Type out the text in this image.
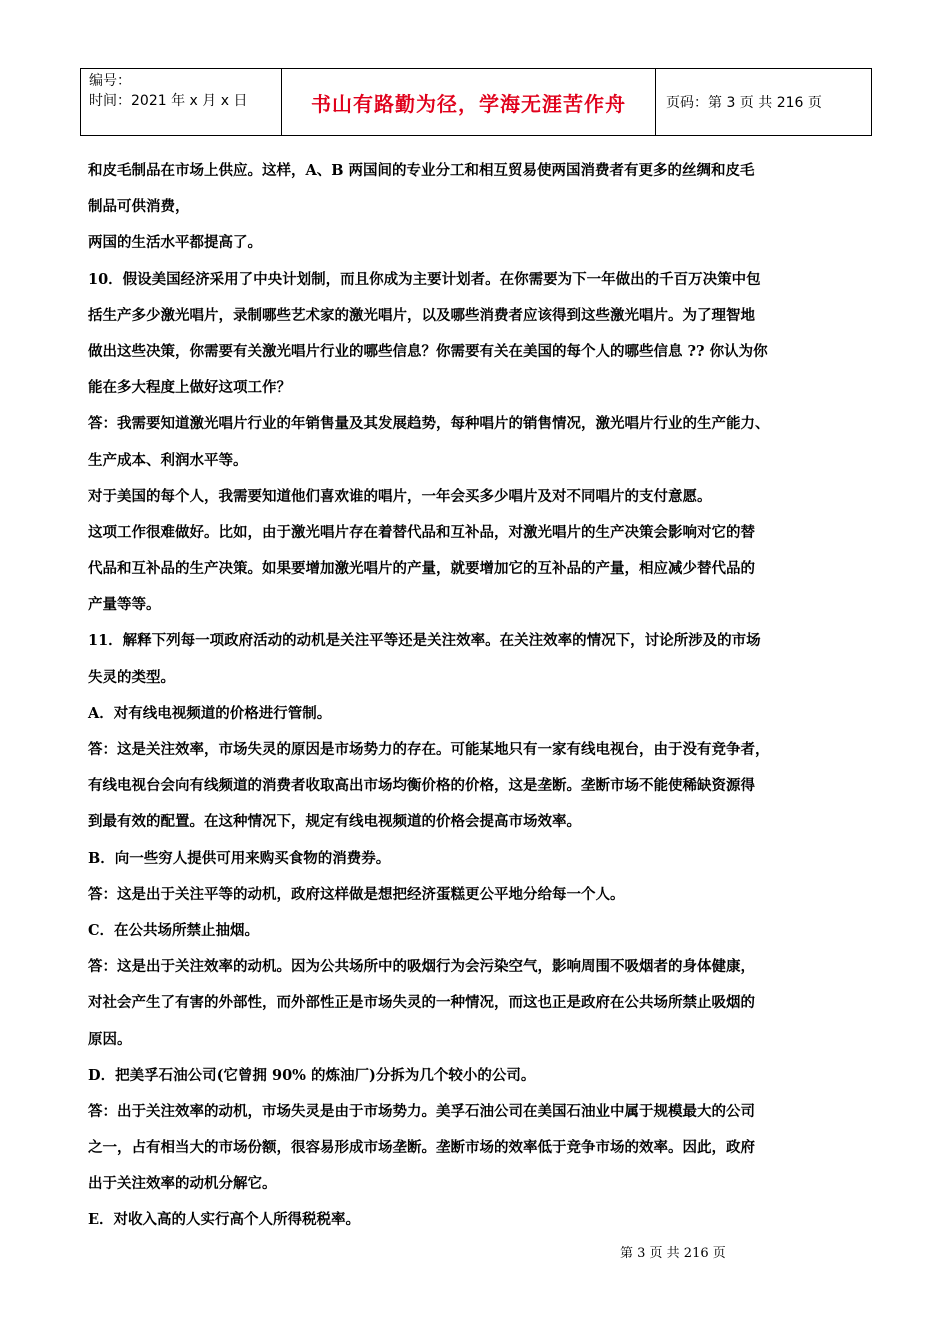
编号：
时间：2021 年 x 月 x 日	书山有路勤为径，学海无涯苦作舟	页码：第 3 页 共 216 页
和皮毛制品在市场上供应。这样，A、B 两国间的专业分工和相互贸易使两国消费者有更多的丝绸和皮毛
制品可供消费，
两国的生活水平都提高了。
10．假设美国经济采用了中央计划制，而且你成为主要计划者。在你需要为下一年做出的千百万决策中包
括生产多少激光唱片，录制哪些艺术家的激光唱片，以及哪些消费者应该得到这些激光唱片。为了理智地
做出这些决策，你需要有关激光唱片行业的哪些信息？你需要有关在美国的每个人的哪些信息 ?? 你认为你
能在多大程度上做好这项工作？
答：我需要知道激光唱片行业的年销售量及其发展趋势，每种唱片的销售情况，激光唱片行业的生产能力、
生产成本、利润水平等。
对于美国的每个人，我需要知道他们喜欢谁的唱片，一年会买多少唱片及对不同唱片的支付意愿。
这项工作很难做好。比如，由于激光唱片存在着替代品和互补品，对激光唱片的生产决策会影响对它的替
代品和互补品的生产决策。如果要增加激光唱片的产量，就要增加它的互补品的产量，相应减少替代品的
产量等等。
11．解释下列每一项政府活动的动机是关注平等还是关注效率。在关注效率的情况下，讨论所涉及的市场
失灵的类型。
A．对有线电视频道的价格进行管制。
答：这是关注效率，市场失灵的原因是市场势力的存在。可能某地只有一家有线电视台，由于没有竞争者，
有线电视台会向有线频道的消费者收取高出市场均衡价格的价格，这是垄断。垄断市场不能使稀缺资源得
到最有效的配置。在这种情况下，规定有线电视频道的价格会提高市场效率。
B．向一些穷人提供可用来购买食物的消费券。
答：这是出于关注平等的动机，政府这样做是想把经济蛋糕更公平地分给每一个人。
C．在公共场所禁止抽烟。
答：这是出于关注效率的动机。因为公共场所中的吸烟行为会污染空气，影响周围不吸烟者的身体健康，
对社会产生了有害的外部性，而外部性正是市场失灵的一种情况，而这也正是政府在公共场所禁止吸烟的
原因。
D．把美孚石油公司(它曾拥 90% 的炼油厂)分拆为几个较小的公司。
答：出于关注效率的动机，市场失灵是由于市场势力。美孚石油公司在美国石油业中属于规模最大的公司
之一，占有相当大的市场份额，很容易形成市场垄断。垄断市场的效率低于竞争市场的效率。因此，政府
出于关注效率的动机分解它。
E．对收入高的人实行高个人所得税税率。
第 3 页 共 216 页
